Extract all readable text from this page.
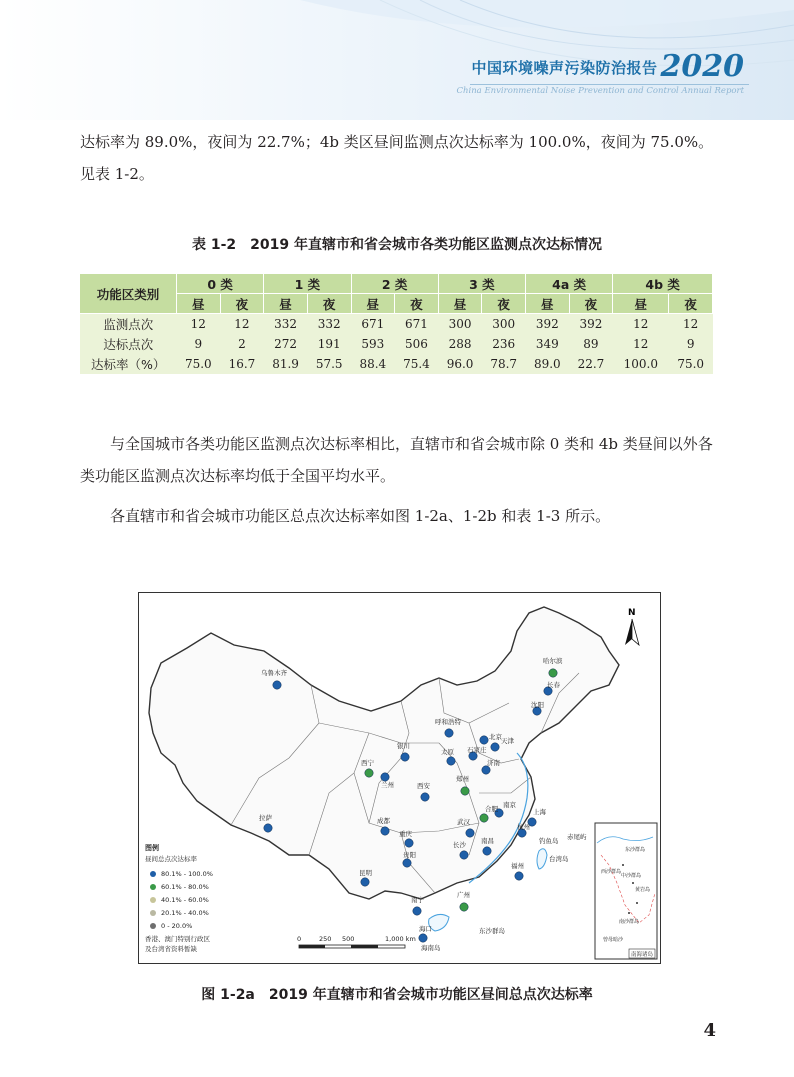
中国环境噪声污染防治报告 2020
China Environmental Noise Prevention and Control Annual Report

达标率为 89.0%，夜间为 22.7%；4b 类区昼间监测点次达标率为 100.0%，夜间为 75.0%。见表 1-2。

表 1-2　2019 年直辖市和省会城市各类功能区监测点次达标情况
功能区类别	0 类		1 类		2 类		3 类		4a 类		4b 类	
	昼	夜	昼	夜	昼	夜	昼	夜	昼	夜	昼	夜
监测点次	12	12	332	332	671	671	300	300	392	392	12	12
达标点次	9	2	272	191	593	506	288	236	349	89	12	9
达标率（%）	75.0	16.7	81.9	57.5	88.4	75.4	96.0	78.7	89.0	22.7	100.0	75.0

与全国城市各类功能区监测点次达标率相比，直辖市和省会城市除 0 类和 4b 类昼间以外各类功能区监测点次达标率均低于全国平均水平。

各直辖市和省会城市功能区总点次达标率如图 1-2a、1-2b 和表 1-3 所示。

台湾岛
钓鱼岛 赤尾屿
东沙群岛
海南岛
N
乌鲁木齐
哈尔滨
长春
沈阳
呼和浩特
北京 天津
石家庄
太原
银川
西宁
兰州
济南
郑州
西安
南京
上海
合肥
杭州
武汉
成都
重庆
拉萨
长沙 南昌
福州
贵阳
昆明
南宁
广州
海口
图例
昼间总点次达标率
80.1% - 100.0%
60.1% - 80.0%
40.1% - 60.0%
20.1% - 40.0%
0 - 20.0%
香港、澳门特别行政区
及台湾省资料暂缺
0	250 500	1,000 km
东沙群岛
西沙群岛
中沙群岛
黄岩岛
南沙群岛
曾母暗沙
南海诸岛
图 1-2a　2019 年直辖市和省会城市功能区昼间总点次达标率
4
